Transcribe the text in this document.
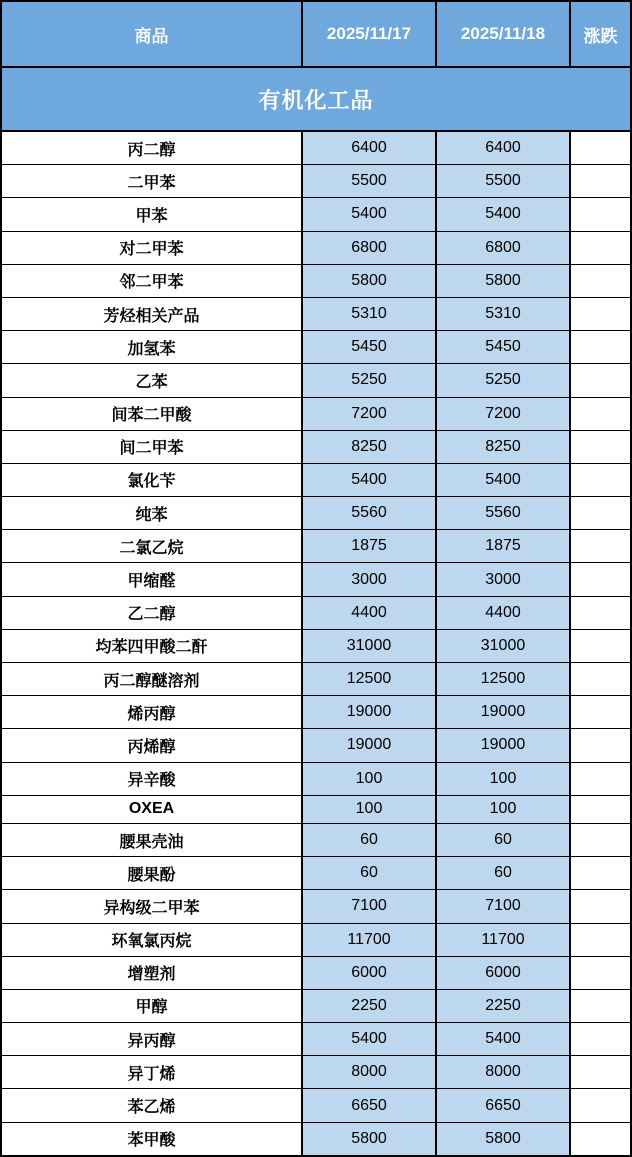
商品	2025/11/17	2025/11/18	涨跌
有机化工品
丙二醇	6400	6400
二甲苯	5500	5500
甲苯	5400	5400
对二甲苯	6800	6800
邻二甲苯	5800	5800
芳烃相关产品	5310	5310
加氢苯	5450	5450
乙苯	5250	5250
间苯二甲酸	7200	7200
间二甲苯	8250	8250
氯化苄	5400	5400
纯苯	5560	5560
二氯乙烷	1875	1875
甲缩醛	3000	3000
乙二醇	4400	4400
均苯四甲酸二酐	31000	31000
丙二醇醚溶剂	12500	12500
烯丙醇	19000	19000
丙烯醇	19000	19000
异辛酸	100	100
OXEA	100	100
腰果壳油	60	60
腰果酚	60	60
异构级二甲苯	7100	7100
环氧氯丙烷	11700	11700
增塑剂	6000	6000
甲醇	2250	2250
异丙醇	5400	5400
异丁烯	8000	8000
苯乙烯	6650	6650
苯甲酸	5800	5800
